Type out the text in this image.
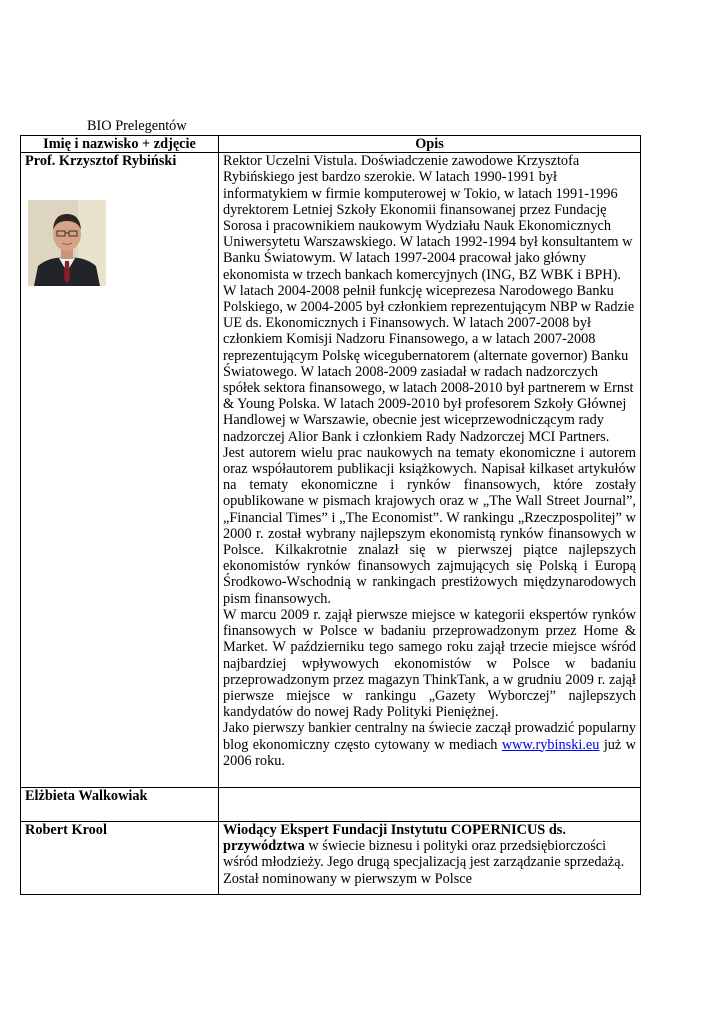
BIO Prelegentów
Imię i nazwisko + zdjęcie	Opis

Prof. Krzysztof Rybiński	Rektor Uczelni Vistula. Doświadczenie zawodowe Krzysztofa Rybińskiego jest bardzo szerokie. W latach 1990-1991 był informatykiem w firmie komputerowej w Tokio, w latach 1991-1996 dyrektorem Letniej Szkoły Ekonomii finansowanej przez Fundację Sorosa i pracownikiem naukowym Wydziału Nauk Ekonomicznych Uniwersytetu Warszawskiego. W latach 1992-1994 był konsultantem w Banku Światowym. W latach 1997-2004 pracował jako główny ekonomista w trzech bankach komercyjnych (ING, BZ WBK i BPH). W latach 2004-2008 pełnił funkcję wiceprezesa Narodowego Banku Polskiego, w 2004-2005 był członkiem reprezentującym NBP w Radzie UE ds. Ekonomicznych i Finansowych. W latach 2007-2008 był członkiem Komisji Nadzoru Finansowego, a w latach 2007-2008 reprezentującym Polskę wicegubernatorem (alternate governor) Banku Światowego. W latach 2008-2009 zasiadał w radach nadzorczych spółek sektora finansowego, w latach 2008-2010 był partnerem w Ernst & Young Polska. W latach 2009-2010 był profesorem Szkoły Głównej Handlowej w Warszawie, obecnie jest wiceprzewodniczącym rady nadzorczej Alior Bank i członkiem Rady Nadzorczej MCI Partners.

Jest autorem wielu prac naukowych na tematy ekonomiczne i autorem oraz współautorem publikacji książkowych. Napisał kilkaset artykułów na tematy ekonomiczne i rynków finansowych, które zostały opublikowane w pismach krajowych oraz w „The Wall Street Journal”, „Financial Times” i „The Economist”. W rankingu „Rzeczpospolitej” w 2000 r. został wybrany najlepszym ekonomistą rynków finansowych w Polsce. Kilkakrotnie znalazł się w pierwszej piątce najlepszych ekonomistów rynków finansowych zajmujących się Polską i Europą Środkowo-Wschodnią w rankingach prestiżowych międzynarodowych pism finansowych.

W marcu 2009 r. zajął pierwsze miejsce w kategorii ekspertów rynków finansowych w Polsce w badaniu przeprowadzonym przez Home & Market. W październiku tego samego roku zajął trzecie miejsce wśród najbardziej wpływowych ekonomistów w Polsce w badaniu przeprowadzonym przez magazyn ThinkTank, a w grudniu 2009 r. zajął pierwsze miejsce w rankingu „Gazety Wyborczej” najlepszych kandydatów do nowej Rady Polityki Pieniężnej.

Jako pierwszy bankier centralny na świecie zaczął prowadzić popularny blog ekonomiczny często cytowany w mediach www.rybinski.eu już w 2006 roku.

Elżbieta Walkowiak	

Robert Krool	Wiodący Ekspert Fundacji Instytutu COPERNICUS ds. przywództwa w świecie biznesu i polityki oraz przedsiębiorczości wśród młodzieży. Jego drugą specjalizacją jest zarządzanie sprzedażą. Został nominowany w pierwszym w Polsce
